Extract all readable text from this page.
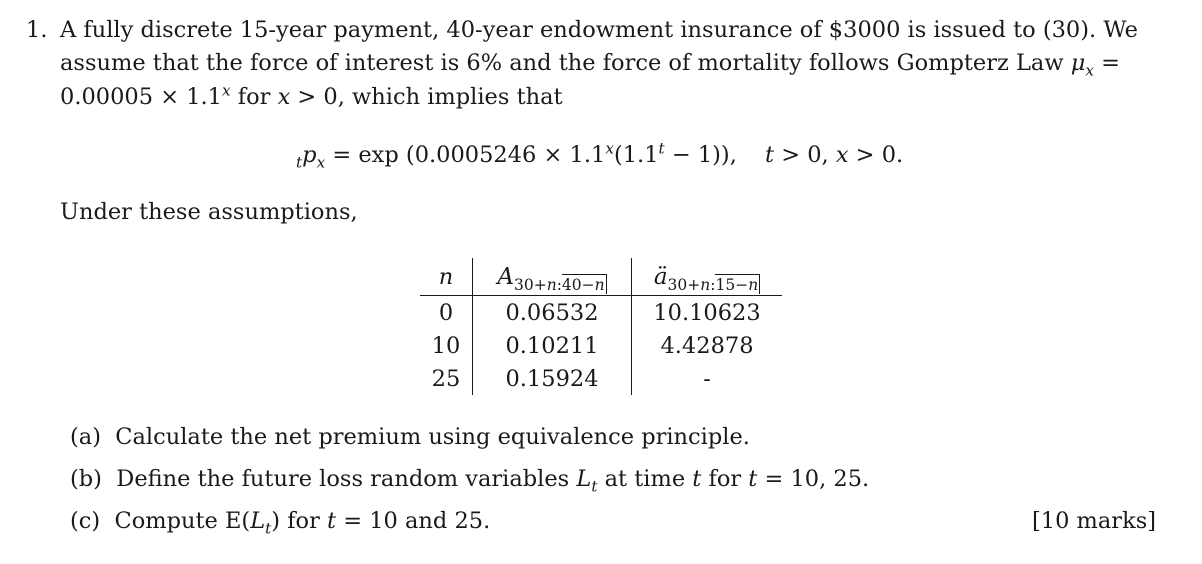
1. A fully discrete 15-year payment, 40-year endowment insurance of $3000 is issued to (30). We
assume that the force of interest is 6% and the force of mortality follows Gompterz Law $\mu_x$ =
$0.00005 \times 1.1^x$ for x > 0, which implies that
$_tp_x = \exp (0.0005246 \times 1.1^x(1.1^t - 1))$, t > 0, x > 0.
Under these assumptions,
n	$A_{30+n:40-n}$	$ä_{30+n:15-n}$
0	0.06532	10.10623
10	0.10211	4.42878
25	0.15924	-
(a) Calculate the net premium using equivalence principle.
(b) Define the future loss random variables $L_t$ at time t for t = 10, 25.
(c) Compute $E(L_t)$ for t = 10 and 25.	[10 marks]
